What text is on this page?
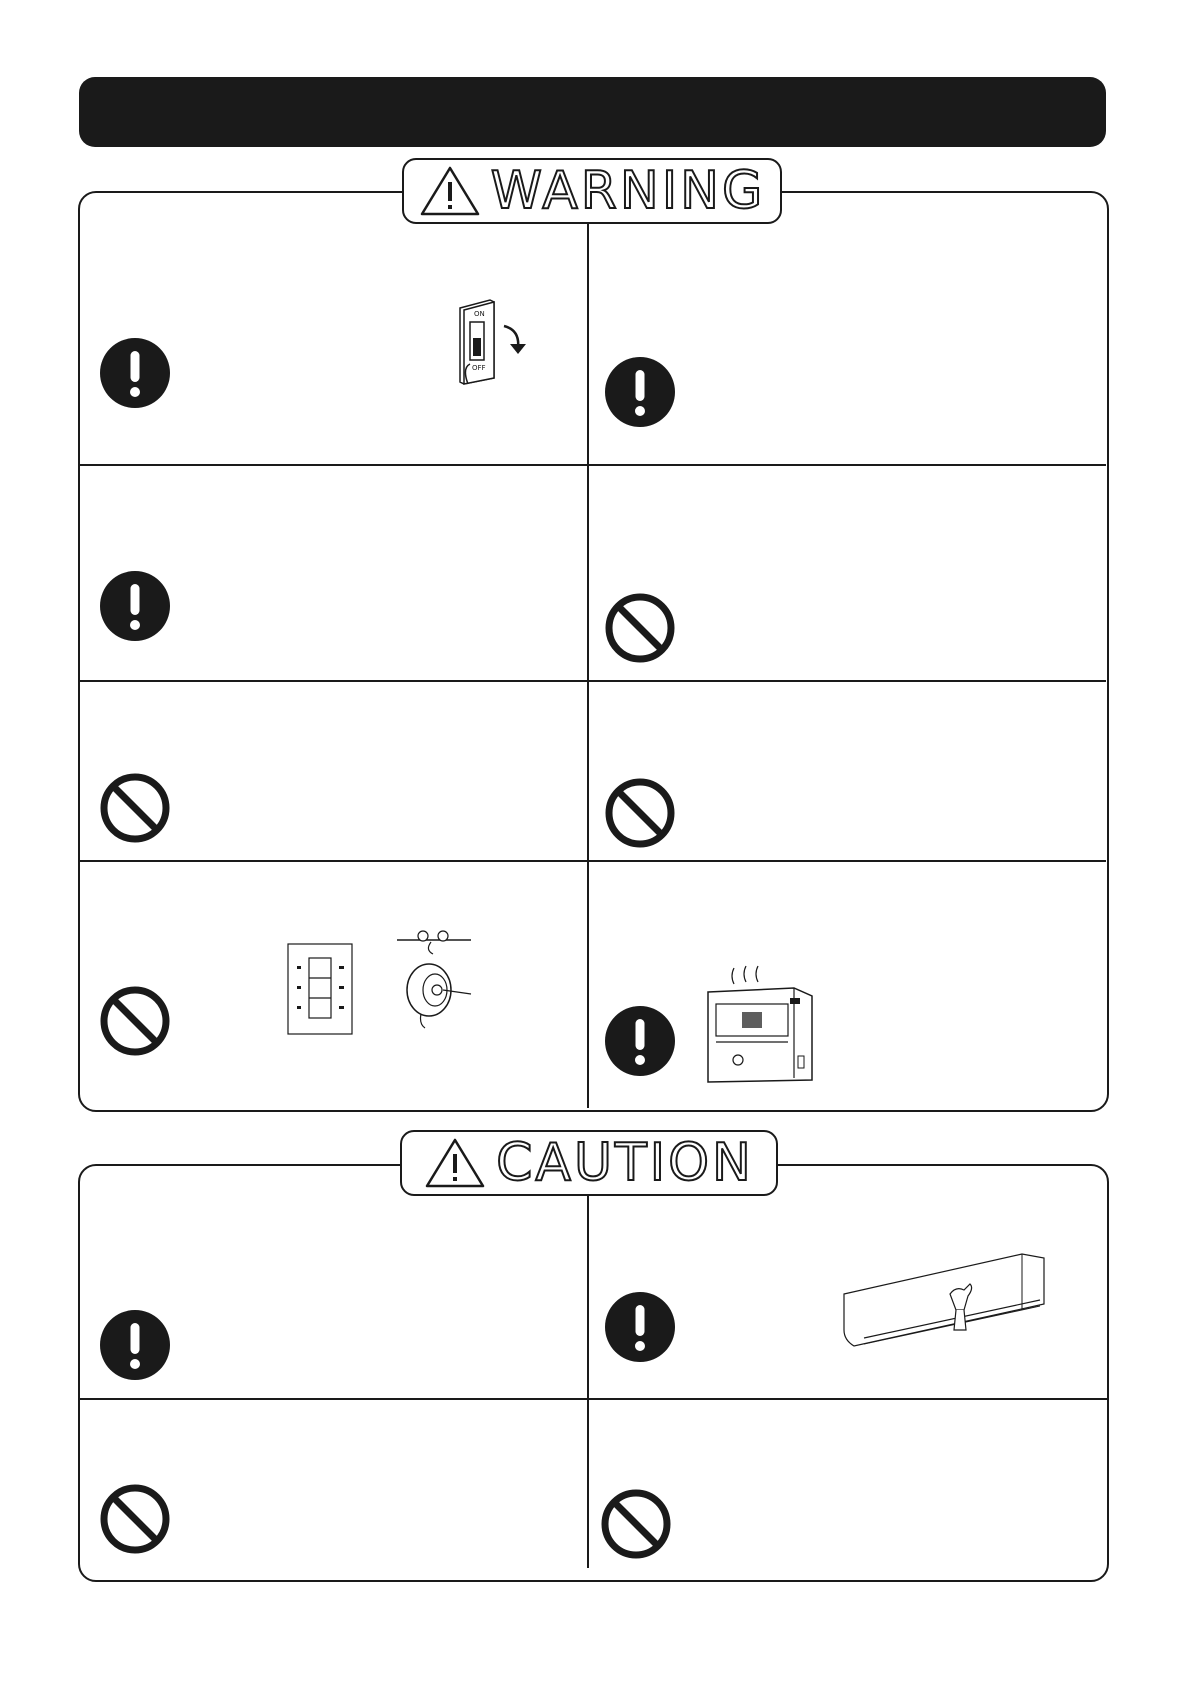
WARNING
ON
OFF
CAUTION
